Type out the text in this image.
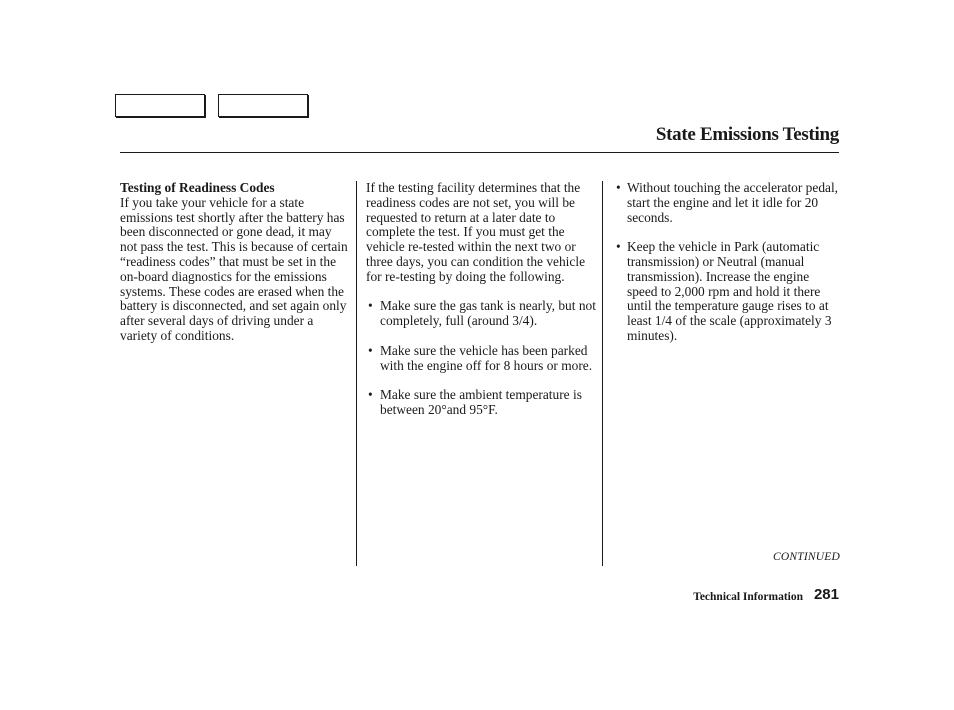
State Emissions Testing
Testing of Readiness Codes

If you take your vehicle for a state emissions test shortly after the battery has been disconnected or gone dead, it may not pass the test. This is because of certain “readiness codes” that must be set in the on-board diagnostics for the emissions systems. These codes are erased when the battery is disconnected, and set again only after several days of driving under a variety of conditions.

If the testing facility determines that the readiness codes are not set, you will be requested to return at a later date to complete the test. If you must get the vehicle re-tested within the next two or three days, you can condition the vehicle for re-testing by doing the following.

• Make sure the gas tank is nearly, but not completely, full (around 3/4).
• Make sure the vehicle has been parked with the engine off for 8 hours or more.
• Make sure the ambient temperature is between 20°and 95°F.
• Without touching the accelerator pedal, start the engine and let it idle for 20 seconds.
• Keep the vehicle in Park (automatic transmission) or Neutral (manual transmission). Increase the engine speed to 2,000 rpm and hold it there until the temperature gauge rises to at least 1/4 of the scale (approximately 3 minutes).
CONTINUED
Technical Information 281
